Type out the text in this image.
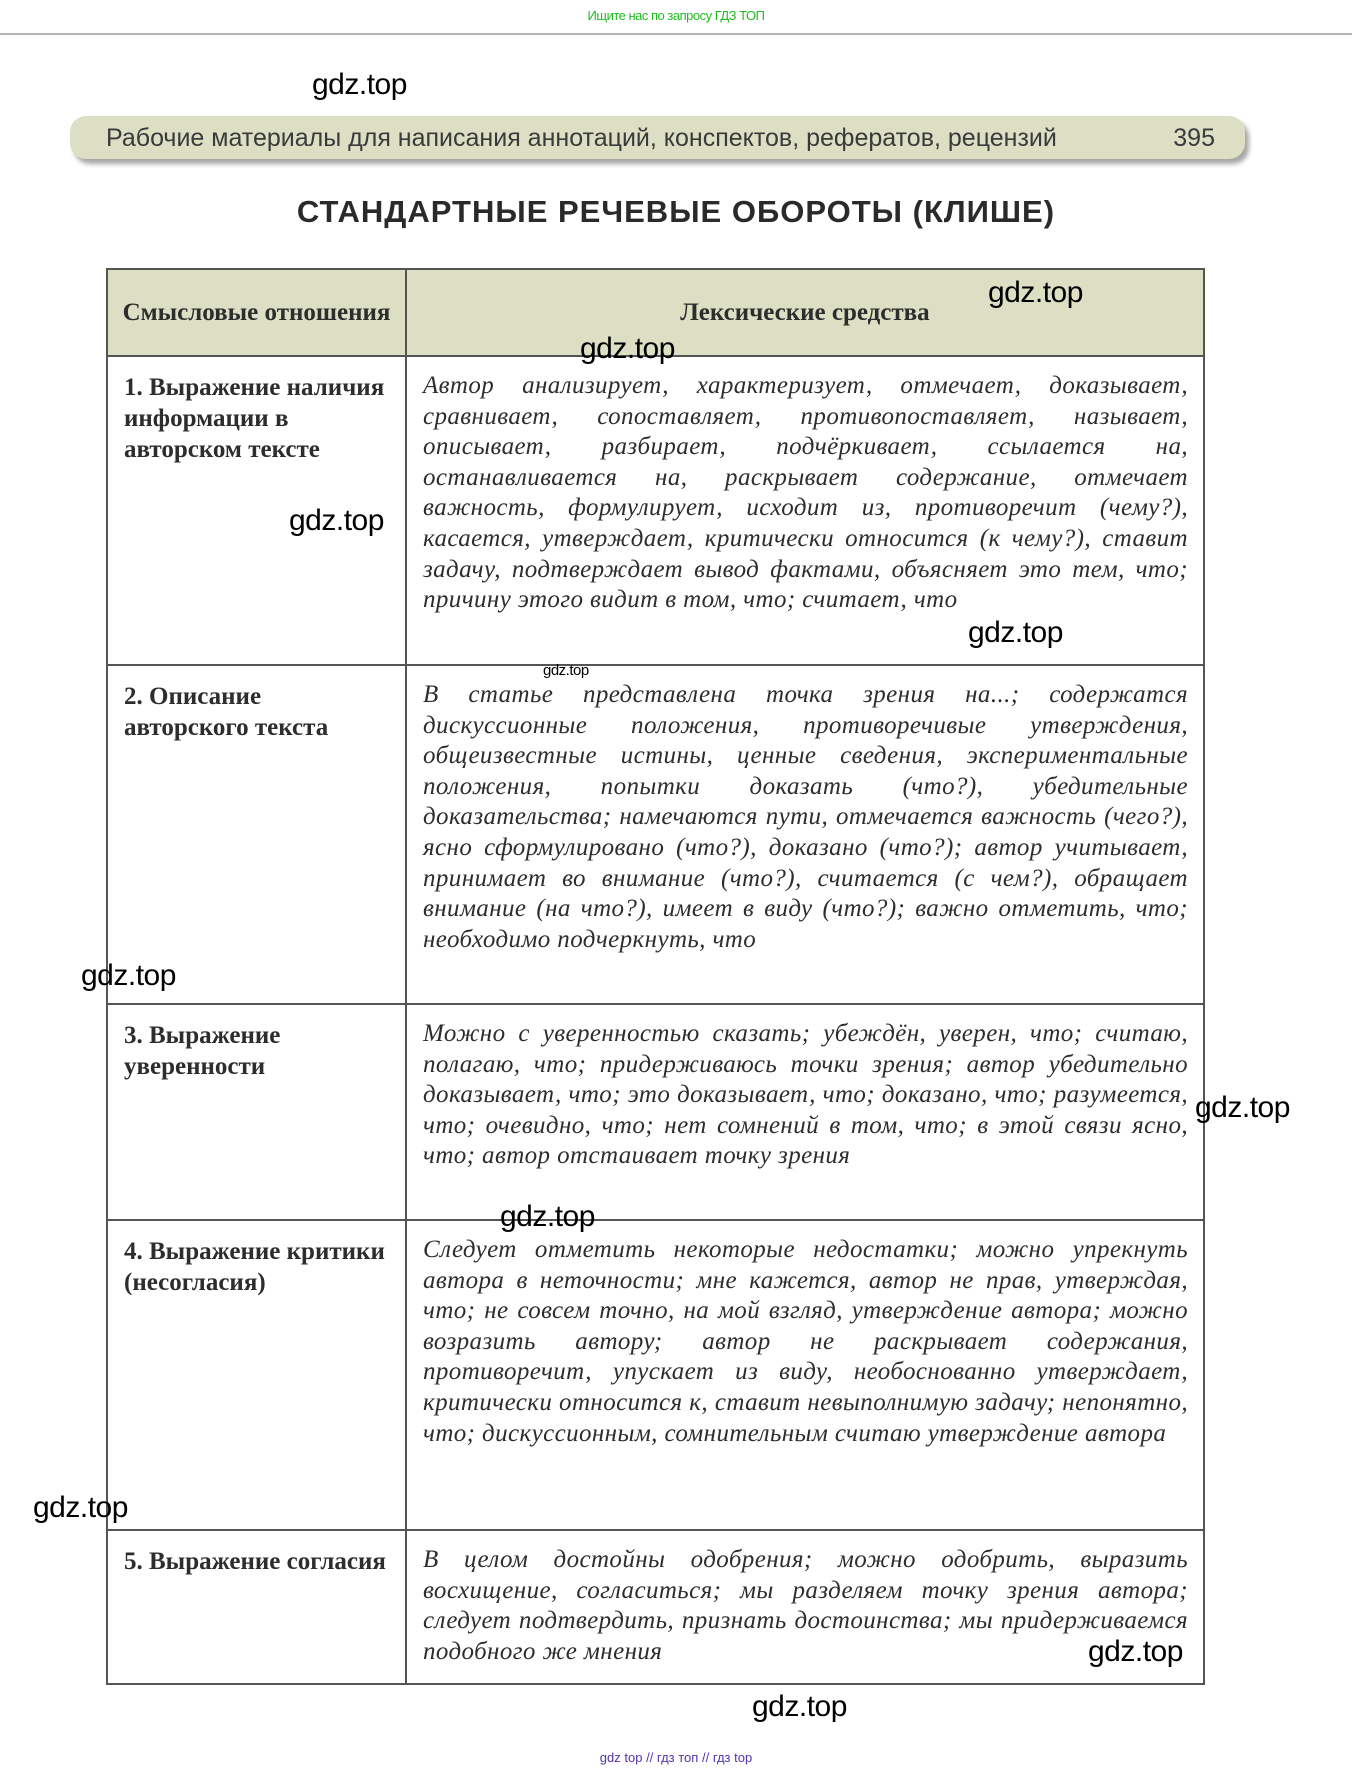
Ищите нас по запросу ГДЗ ТОП
gdz.top
Рабочие материалы для написания аннотаций, конспектов, рефератов, рецензий	395
СТАНДАРТНЫЕ РЕЧЕВЫЕ ОБОРОТЫ (КЛИШЕ)
Смысловые отношения	Лексические средства
1. Выражение наличия информации в авторском тексте	Автор анализирует, характеризует, отмечает, доказывает, сравнивает, сопоставляет, противопоставляет, называет, описывает, разбирает, подчёркивает, ссылается на, останавливается на, раскрывает содержание, отмечает важность, формулирует, исходит из, противоречит (чему?), касается, утверждает, критически относится (к чему?), ставит задачу, подтверждает вывод фактами, объясняет это тем, что; причину этого видит в том, что; считает, что
2. Описание авторского текста	В статье представлена точка зрения на...; содержатся дискуссионные положения, противоречивые утверждения, общеизвестные истины, ценные сведения, экспериментальные положения, попытки доказать (что?), убедительные доказательства; намечаются пути, отмечается важность (чего?), ясно сформулировано (что?), доказано (что?); автор учитывает, принимает во внимание (что?), считается (с чем?), обращает внимание (на что?), имеет в виду (что?); важно отметить, что; необходимо подчеркнуть, что
3. Выражение уверенности	Можно с уверенностью сказать; убеждён, уверен, что; считаю, полагаю, что; придерживаюсь точки зрения; автор убедительно доказывает, что; это доказывает, что; доказано, что; разумеется, что; очевидно, что; нет сомнений в том, что; в этой связи ясно, что; автор отстаивает точку зрения
4. Выражение критики (несогласия)	Следует отметить некоторые недостатки; можно упрекнуть автора в неточности; мне кажется, автор не прав, утверждая, что; не совсем точно, на мой взгляд, утверждение автора; можно возразить автору; автор не раскрывает содержания, противоречит, упускает из виду, необоснованно утверждает, критически относится к, ставит невыполнимую задачу; непонятно, что; дискуссионным, сомнительным считаю утверждение автора
5. Выражение согласия	В целом достойны одобрения; можно одобрить, выразить восхищение, согласиться; мы разделяем точку зрения автора; следует подтвердить, признать достоинства; мы придерживаемся подобного же мнения
gdz.top
gdz.top
gdz.top
gdz.top
gdz.top
gdz.top
gdz.top
gdz.top
gdz.top
gdz.top
gdz.top
gdz top // гдз топ // гдз top
